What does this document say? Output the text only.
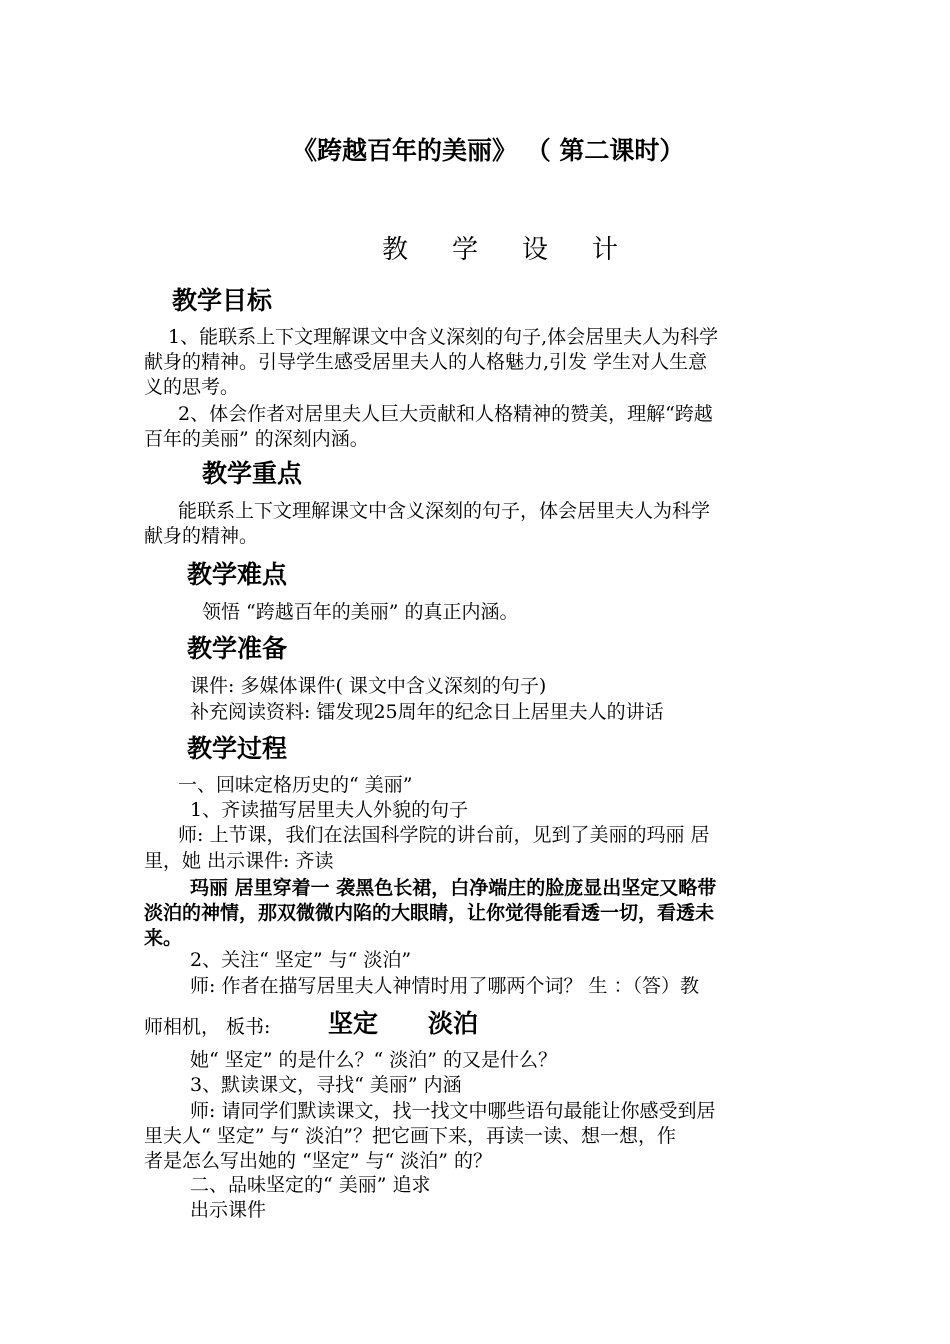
《跨越百年的美丽》 （ 第二课时）
教学设计
教学目标
1、能联系上下文理解课文中含义深刻的句子,体会居里夫人为科学
献身的精神。引导学生感受居里夫人的人格魅力,引发 学生对人生意
义的思考。
2、体会作者对居里夫人巨大贡献和人格精神的赞美，理解“跨越
百年的美丽” 的深刻内涵。
教学重点
能联系上下文理解课文中含义深刻的句子，体会居里夫人为科学
献身的精神。
教学难点
领悟 “跨越百年的美丽” 的真正内涵。
教学准备
课件: 多媒体课件( 课文中含义深刻的句子)
补充阅读资料: 镭发现25周年的纪念日上居里夫人的讲话
教学过程
一、回味定格历史的“ 美丽”
1、齐读描写居里夫人外貌的句子
师: 上节课，我们在法国科学院的讲台前，见到了美丽的玛丽 居
里，她 出示课件: 齐读
玛丽 居里穿着一 袭黑色长裙，白净端庄的脸庞显出坚定又略带
淡泊的神情，那双微微内陷的大眼睛，让你觉得能看透一切，看透未
来。
2、关注“ 坚定” 与“ 淡泊”
师: 作者在描写居里夫人神情时用了哪两个词？ 生 ：（答）教
师相机， 板书: 坚定 淡泊
她“ 坚定” 的是什么？“ 淡泊” 的又是什么？
3、默读课文，寻找“ 美丽” 内涵
师: 请同学们默读课文，找一找文中哪些语句最能让你感受到居
里夫人“ 坚定” 与“ 淡泊”？把它画下来，再读一读、想一想，作
者是怎么写出她的 “坚定” 与“ 淡泊” 的？
二、品味坚定的“ 美丽” 追求
出示课件
